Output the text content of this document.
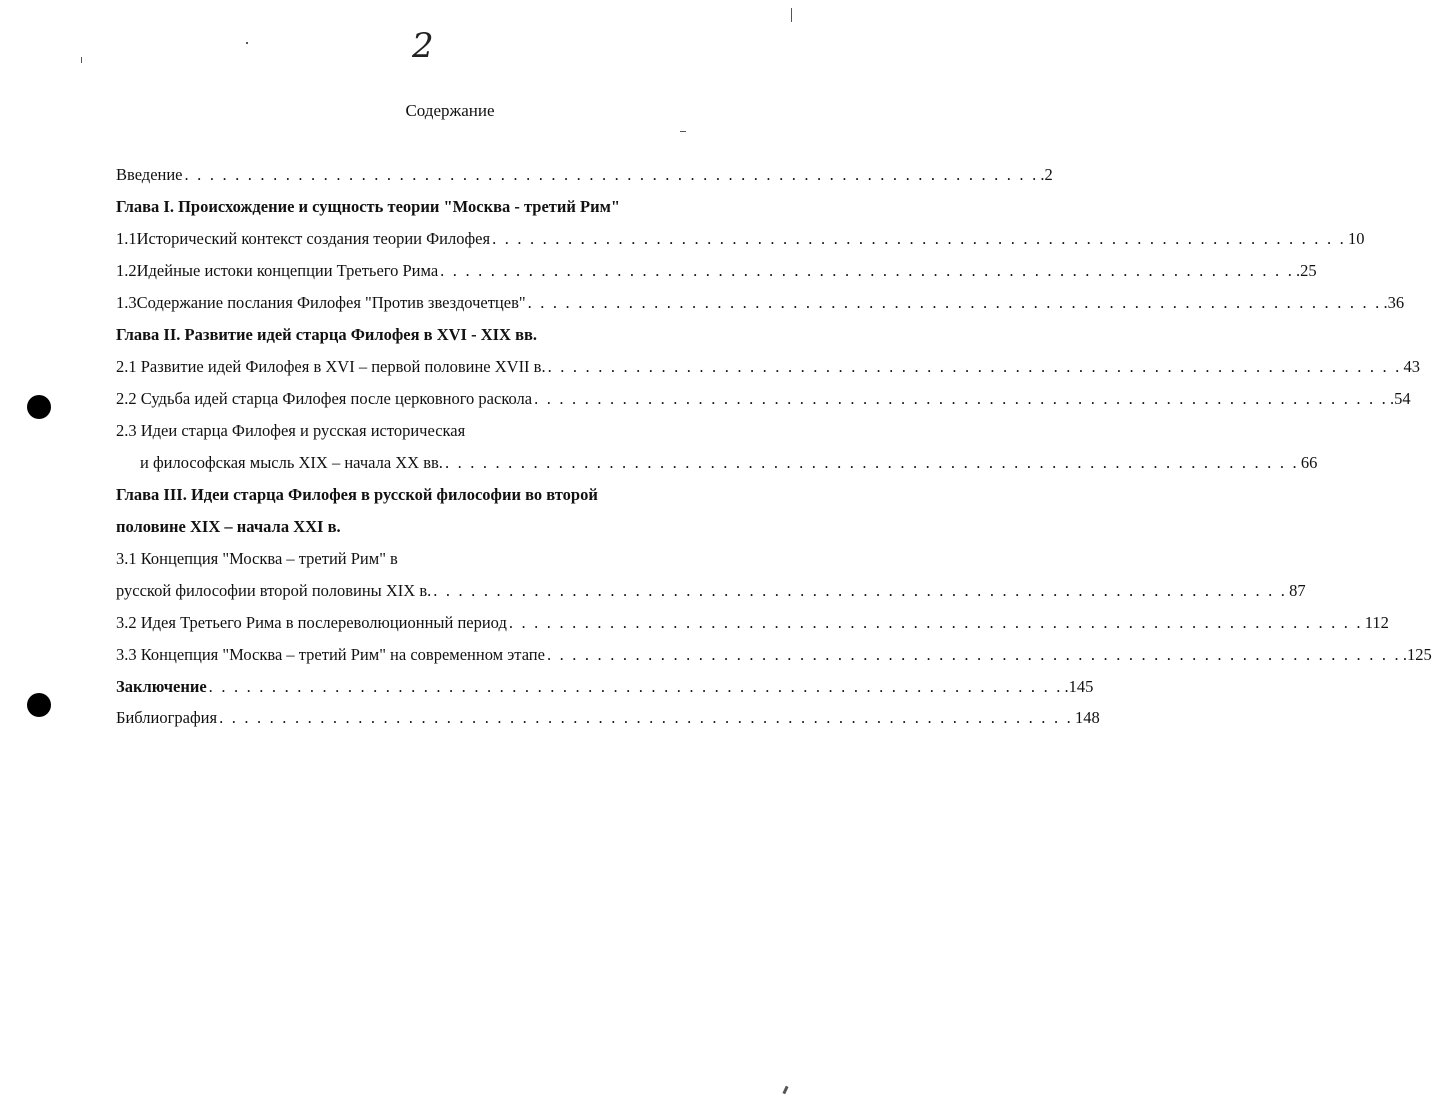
2
Содержание
Введение . . . . . . . . . . . . . . . . . . . . . . . . . . . . . . . . . . . . . . . . . . . . . . . . . . . . . . . . . . . . . . . . . . . . .2
Глава I. Происхождение и сущность теории "Москва - третий Рим"
1.1 Исторический контекст создания теории Филофея . . . . . . . . . . . . . . . . . . . . . . . . . . . . . . . . . . . . . . . . . . . . . . . . . . . . . . . . . . . . . . . . . . . . 10
1.2 Идейные истоки концепции Третьего Рима . . . . . . . . . . . . . . . . . . . . . . . . . . . . . . . . . . . . . . . . . . . . . . . . . . . . . . . . . . . . . . . . . . . . .25
1.3 Содержание послания Филофея "Против звездочетцев" . . . . . . . . . . . . . . . . . . . . . . . . . . . . . . . . . . . . . . . . . . . . . . . . . . . . . . . . . . . . . . . . . . . . .36
Глава II. Развитие идей старца Филофея в XVI - XIX вв.
2.1 Развитие идей Филофея в XVI – первой половине XVII в. . . . . . . . . . . . . . . . . . . . . . . . . . . . . . . . . . . . . . . . . . . . . . . . . . . . . . . . . . . . . . . . . . . . . 43
2.2 Судьба идей старца Филофея после церковного раскола . . . . . . . . . . . . . . . . . . . . . . . . . . . . . . . . . . . . . . . . . . . . . . . . . . . . . . . . . . . . . . . . . . . . .54
2.3 Идеи старца Филофея и русская историческая
и философская мысль XIX – начала XX вв. . . . . . . . . . . . . . . . . . . . . . . . . . . . . . . . . . . . . . . . . . . . . . . . . . . . . . . . . . . . . . . . . . . . . 66
Глава III. Идеи старца Филофея в русской философии во второй
половине XIX – начала XXI в.
3.1 Концепция "Москва – третий Рим" в
русской философии второй половины XIX в. . . . . . . . . . . . . . . . . . . . . . . . . . . . . . . . . . . . . . . . . . . . . . . . . . . . . . . . . . . . . . . . . . . . . 87
3.2 Идея Третьего Рима в послереволюционный период . . . . . . . . . . . . . . . . . . . . . . . . . . . . . . . . . . . . . . . . . . . . . . . . . . . . . . . . . . . . . . . . . . . . 112
3.3 Концепция "Москва – третий Рим" на современном этапе . . . . . . . . . . . . . . . . . . . . . . . . . . . . . . . . . . . . . . . . . . . . . . . . . . . . . . . . . . . . . . . . . . . . .125
Заключение . . . . . . . . . . . . . . . . . . . . . . . . . . . . . . . . . . . . . . . . . . . . . . . . . . . . . . . . . . . . . . . . . . . . .145
Библиография . . . . . . . . . . . . . . . . . . . . . . . . . . . . . . . . . . . . . . . . . . . . . . . . . . . . . . . . . . . . . . . . . . . . 148
